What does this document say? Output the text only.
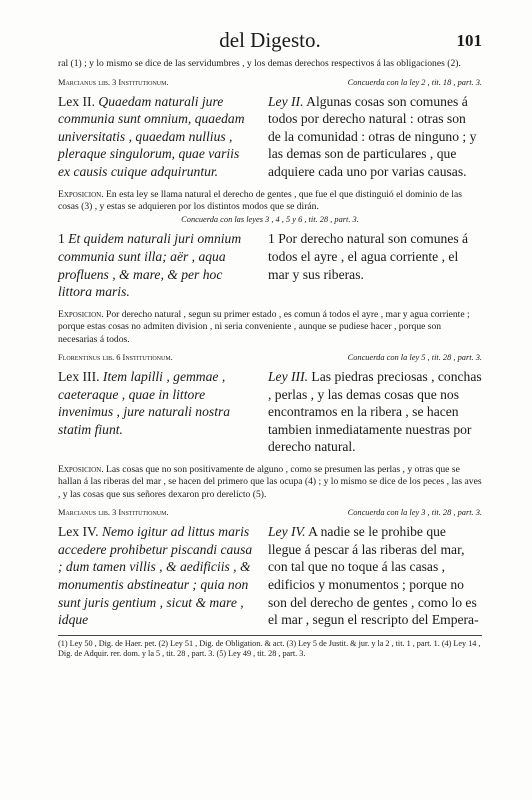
del Digesto.	101
ral (1) ; y lo mismo se dice de las servidumbres , y los demas derechos respectivos á las obligaciones (2).
Marcianus lib. 3 Institutionum.	Concuerda con la ley 2 , tit. 18 , part. 3.
Lex II. Quaedam naturali jure communia sunt omnium, quaedam universitatis , quaedam nullius , pleraque singulorum, quae variis ex causis cuique adquiruntur.
Ley II. Algunas cosas son comunes á todos por derecho natural : otras son de la comunidad : otras de ninguno ; y las demas son de particulares , que adquiere cada uno por varias causas.
Exposicion. En esta ley se llama natural el derecho de gentes , que fue el que distinguió el dominio de las cosas (3) , y estas se adquieren por los distintos modos que se dirán.
Concuerda con las leyes 3 , 4 , 5 y 6 , tit. 28 , part. 3.
1 Et quidem naturali juri omnium communia sunt illa; aër , aqua profluens , & mare, & per hoc littora maris.
1 Por derecho natural son comunes á todos el ayre , el agua corriente , el mar y sus riberas.
Exposicion. Por derecho natural , segun su primer estado , es comun á todos el ayre , mar y agua corriente ; porque estas cosas no admiten division , ni seria conveniente , aunque se pudiese hacer , porque son necesarias á todos.
Florentinus lib. 6 Institutionum.	Concuerda con la ley 5 , tit. 28 , part. 3.
Lex III. Item lapilli , gemmae , caeteraque , quae in littore invenimus , jure naturali nostra statim fiunt.
Ley III. Las piedras preciosas , conchas , perlas , y las demas cosas que nos encontramos en la ribera , se hacen tambien inmediatamente nuestras por derecho natural.
Exposicion. Las cosas que no son positivamente de alguno , como se presumen las perlas , y otras que se hallan á las riberas del mar , se hacen del primero que las ocupa (4) ; y lo mismo se dice de los peces , las aves , y las cosas que sus señores dexaron pro derelicto (5).
Marcianus lib. 3 Institutionum.	Concuerda con la ley 3 , tit. 28 , part. 3.
Lex IV. Nemo igitur ad littus maris accedere prohibetur piscandi causa ; dum tamen villis , & aedificiis , & monumentis abstineatur ; quia non sunt juris gentium , sicut & mare , idque
Ley IV. A nadie se le prohibe que llegue á pescar á las riberas del mar, con tal que no toque á las casas , edificios y monumentos ; porque no son del derecho de gentes , como lo es el mar , segun el rescripto del Empera-
(1) Ley 50 , Dig. de Haer. pet. (2) Ley 51 , Dig. de Obligation. & act. (3) Ley 5 de Justit. & jur. y la 2 , tit. 1 , part. 1. (4) Ley 14 , Dig. de Adquir. rer. dom. y la 5 , tit. 28 , part. 3. (5) Ley 49 , tit. 28 , part. 3.
